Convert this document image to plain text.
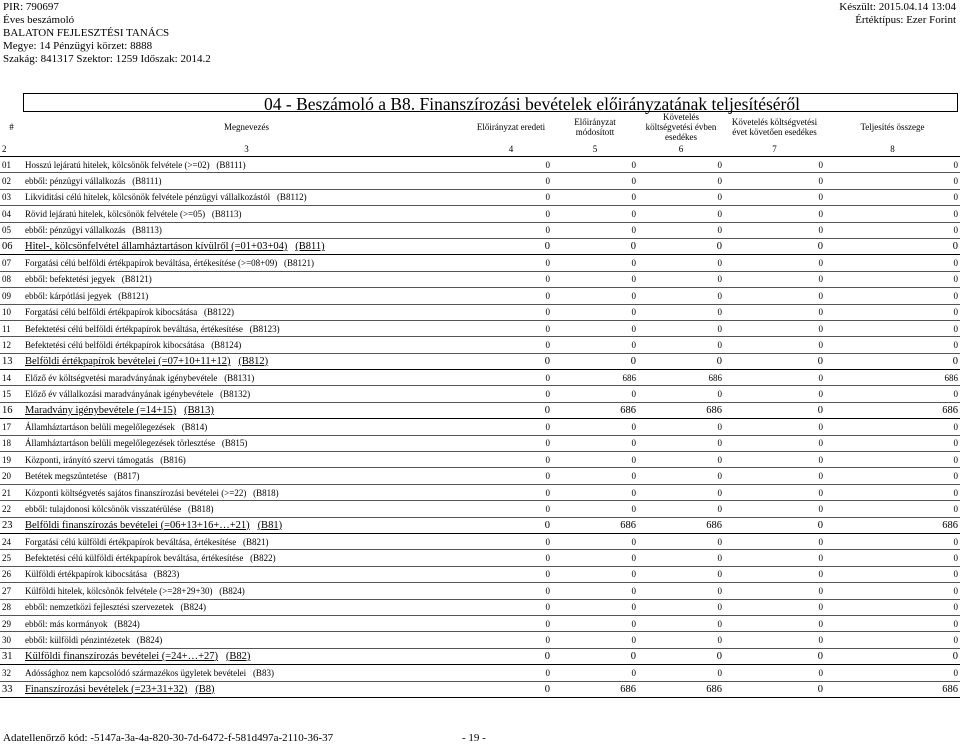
PIR: 790697
Éves beszámoló
BALATON FEJLESZTÉSI TANÁCS
Megye: 14 Pénzügyi körzet: 8888
Szakág: 841317 Szektor: 1259 Időszak: 2014.2
Készült: 2015.04.14 13:04
Értéktípus: Ezer Forint
04 - Beszámoló a B8. Finanszírozási bevételek előirányzatának teljesítéséről
#	Megnevezés	Előirányzat eredeti	Előirányzat módosított	Követelés költségvetési évben esedékes	Követelés költségvetési évet követően esedékes	Teljesítés összege
2	3	4	5	6	7	8
01	Hosszú lejáratú hitelek, kölcsönök felvétele (>=02) (B8111)	0	0	0	0	0
02	ebből: pénzügyi vállalkozás (B8111)	0	0	0	0	0
03	Likviditási célú hitelek, kölcsönök felvétele pénzügyi vállalkozástól (B8112)	0	0	0	0	0
04	Rövid lejáratú hitelek, kölcsönök felvétele (>=05) (B8113)	0	0	0	0	0
05	ebből: pénzügyi vállalkozás (B8113)	0	0	0	0	0
06	Hitel-, kölcsönfelvétel államháztartáson kívülről (=01+03+04) (B811)	0	0	0	0	0
07	Forgatási célú belföldi értékpapírok beváltása, értékesítése (>=08+09) (B8121)	0	0	0	0	0
08	ebből: befektetési jegyek (B8121)	0	0	0	0	0
09	ebből: kárpótlási jegyek (B8121)	0	0	0	0	0
10	Forgatási célú belföldi értékpapírok kibocsátása (B8122)	0	0	0	0	0
11	Befektetési célú belföldi értékpapírok beváltása, értékesítése (B8123)	0	0	0	0	0
12	Befektetési célú belföldi értékpapírok kibocsátása (B8124)	0	0	0	0	0
13	Belföldi értékpapírok bevételei (=07+10+11+12) (B812)	0	0	0	0	0
14	Előző év költségvetési maradványának igénybevétele (B8131)	0	686	686	0	686
15	Előző év vállalkozási maradványának igénybevétele (B8132)	0	0	0	0	0
16	Maradvány igénybevétele (=14+15) (B813)	0	686	686	0	686
17	Államháztartáson belüli megelőlegezések (B814)	0	0	0	0	0
18	Államháztartáson belüli megelőlegezések törlesztése (B815)	0	0	0	0	0
19	Központi, irányító szervi támogatás (B816)	0	0	0	0	0
20	Betétek megszüntetése (B817)	0	0	0	0	0
21	Központi költségvetés sajátos finanszírozási bevételei (>=22) (B818)	0	0	0	0	0
22	ebből: tulajdonosi kölcsönök visszatérülése (B818)	0	0	0	0	0
23	Belföldi finanszírozás bevételei (=06+13+16+…+21) (B81)	0	686	686	0	686
24	Forgatási célú külföldi értékpapírok beváltása, értékesítése (B821)	0	0	0	0	0
25	Befektetési célú külföldi értékpapírok beváltása, értékesítése (B822)	0	0	0	0	0
26	Külföldi értékpapírok kibocsátása (B823)	0	0	0	0	0
27	Külföldi hitelek, kölcsönök felvétele (>=28+29+30) (B824)	0	0	0	0	0
28	ebből: nemzetközi fejlesztési szervezetek (B824)	0	0	0	0	0
29	ebből: más kormányok (B824)	0	0	0	0	0
30	ebből: külföldi pénzintézetek (B824)	0	0	0	0	0
31	Külföldi finanszírozás bevételei (=24+…+27) (B82)	0	0	0	0	0
32	Adóssághoz nem kapcsolódó származékos ügyletek bevételei (B83)	0	0	0	0	0
33	Finanszírozási bevételek (=23+31+32) (B8)	0	686	686	0	686
Adatellenőrző kód: -5147a-3a-4a-820-30-7d-6472-f-581d497a-2110-36-37	- 19 -
